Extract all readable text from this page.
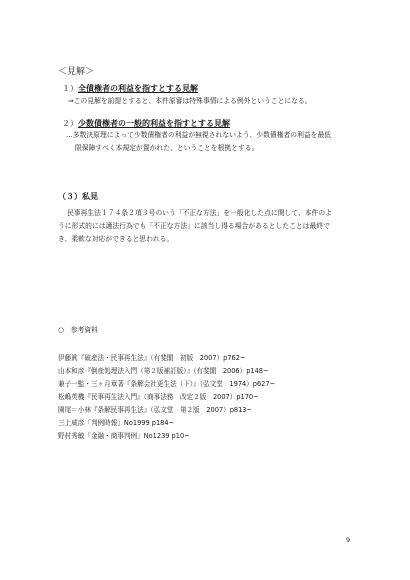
＜見解＞
１）全債権者の利益を指すとする見解
⇒この見解を前提とすると、本件原審は特殊事情による例外ということになる。
２）少数債権者の一般的利益を指すとする見解
…多数決原理によって少数債権者の利益が無視されないよう、少数債権者の利益を最低
限保障すべく本規定が置かれた、ということを根拠とする。
（３）私見
民事再生法１７４条２項３号のいう「不正な方法」を一般化した点に関して、本件のよ
うに形式的には適法行為でも「不正な方法」に該当し得る場合があるとしたことは最終で
き、柔軟な対応ができると思われる。
○　参考資料
伊藤眞『破産法・民事再生法』（有斐閣　初版　2007）p762~
山本和彦『倒産処理法入門（第２版補訂版）』（有斐閣　2006）p148~
兼子一監・三ヶ月章著『条解会社更生法（下）』（弘文堂　1974）p627~
松嶋英機『民事再生法入門』（商事法務　改定２版　2007）p170~
園尾＝小林『条解民事再生法』（弘文堂　第２版　2007）p813~
三上威彦「判例時報」No1999 p184~
野村秀敏「金融・商事判例」No1239 p10~
9
